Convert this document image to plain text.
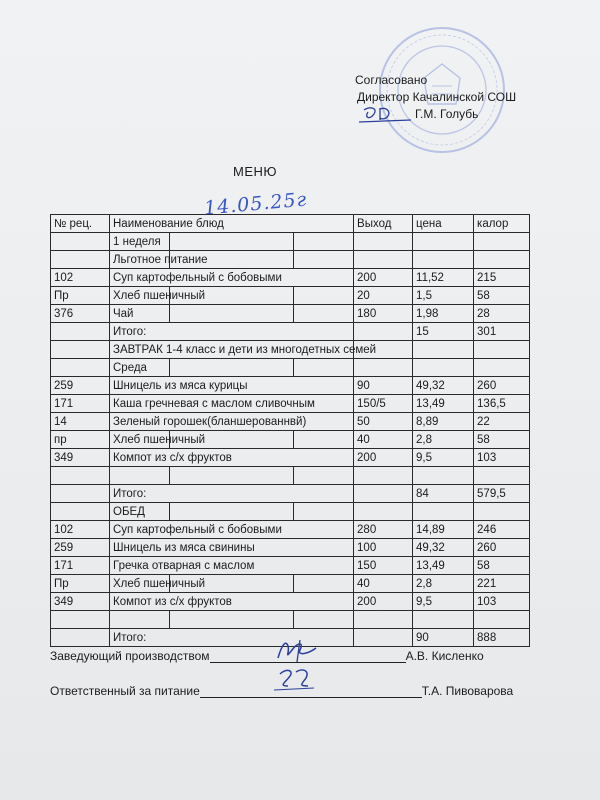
Согласовано
Директор Качалинской СОШ
Г.М. Голубь
МЕНЮ
14.05.25г
№ рец.	Наименование блюд			Выход	цена	калор
	1 неделя					
	Льготное питание					
102	Суп картофельный с бобовыми			200	11,52	215
Пр	Хлеб пшеничный			20	1,5	58
376	Чай			180	1,98	28
	Итого:				15	301
	ЗАВТРАК 1-4 класс и дети из многодетных семей					
	Среда					
259	Шницель из мяса курицы			90	49,32	260
171	Каша гречневая с маслом сливочным			150/5	13,49	136,5
14	Зеленый горошек(бланшерованнвй)			50	8,89	22
пр	Хлеб пшеничный			40	2,8	58
349	Компот из с/х фруктов			200	9,5	103

	Итого:				84	579,5
	ОБЕД					
102	Суп картофельный с бобовыми			280	14,89	246
259	Шницель из мяса свинины			100	49,32	260
171	Гречка отварная с маслом			150	13,49	58
Пр	Хлеб пшеничный			40	2,8	221
349	Компот из с/х фруктов			200	9,5	103

	Итого:				90	888
Заведующий производством	А.В. Кисленко
Ответственный за питание	Т.А. Пивоварова
